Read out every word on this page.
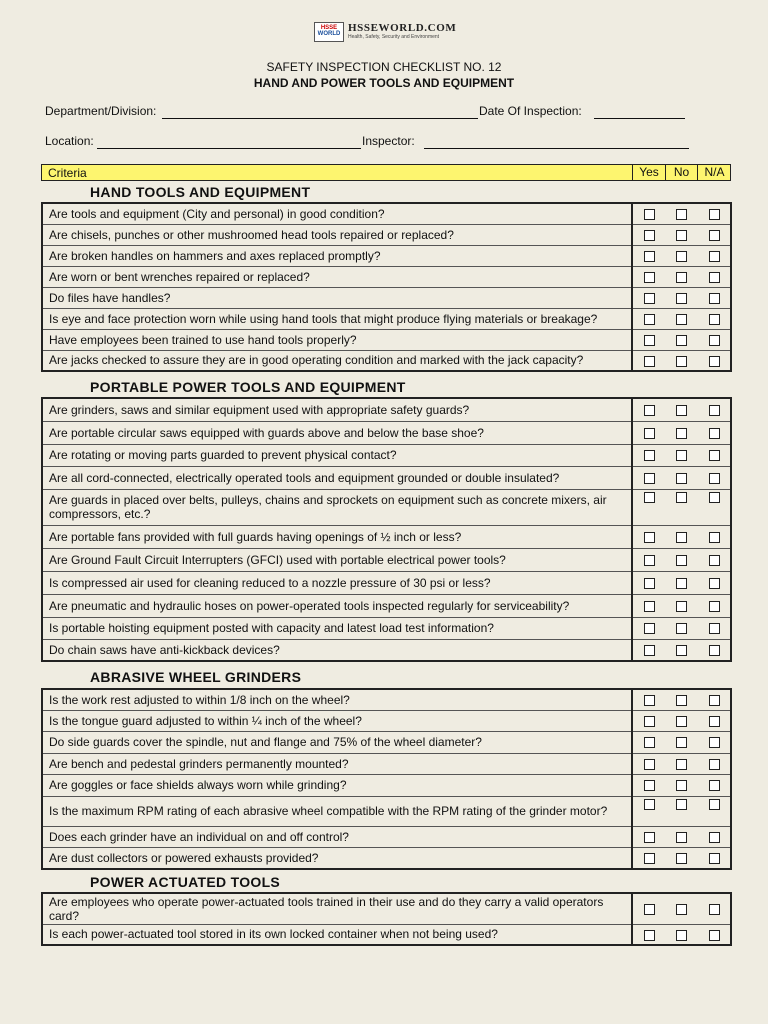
HSSE
WORLD HSSEWORLD.COM
Health, Safety, Security and Environment
SAFETY INSPECTION CHECKLIST NO. 12
HAND AND POWER TOOLS AND EQUIPMENT
Department/Division:	Date Of Inspection:
Location:	Inspector:
Criteria	Yes	No	N/A
HAND TOOLS AND EQUIPMENT
Are tools and equipment (City and personal) in good condition?			
Are chisels, punches or other mushroomed head tools repaired or replaced?			
Are broken handles on hammers and axes replaced promptly?			
Are worn or bent wrenches repaired or replaced?			
Do files have handles?			
Is eye and face protection worn while using hand tools that might produce flying materials or breakage?			
Have employees been trained to use hand tools properly?			
Are jacks checked to assure they are in good operating condition and marked with the jack capacity?			
PORTABLE POWER TOOLS AND EQUIPMENT
Are grinders, saws and similar equipment used with appropriate safety guards?			
Are portable circular saws equipped with guards above and below the base shoe?			
Are rotating or moving parts guarded to prevent physical contact?			
Are all cord-connected, electrically operated tools and equipment grounded or double insulated?			
Are guards in placed over belts, pulleys, chains and sprockets on equipment such as concrete mixers, air compressors, etc.?			
Are portable fans provided with full guards having openings of ½ inch or less?			
Are Ground Fault Circuit Interrupters (GFCI) used with portable electrical power tools?			
Is compressed air used for cleaning reduced to a nozzle pressure of 30 psi or less?			
Are pneumatic and hydraulic hoses on power-operated tools inspected regularly for serviceability?			
Is portable hoisting equipment posted with capacity and latest load test information?			
Do chain saws have anti-kickback devices?			
ABRASIVE WHEEL GRINDERS
Is the work rest adjusted to within 1/8 inch on the wheel?			
Is the tongue guard adjusted to within ¼ inch of the wheel?			
Do side guards cover the spindle, nut and flange and 75% of the wheel diameter?			
Are bench and pedestal grinders permanently mounted?			
Are goggles or face shields always worn while grinding?			
Is the maximum RPM rating of each abrasive wheel compatible with the RPM rating of the grinder motor?			
Does each grinder have an individual on and off control?			
Are dust collectors or powered exhausts provided?			
POWER ACTUATED TOOLS
Are employees who operate power-actuated tools trained in their use and do they carry a valid operators card?			
Is each power-actuated tool stored in its own locked container when not being used?			
